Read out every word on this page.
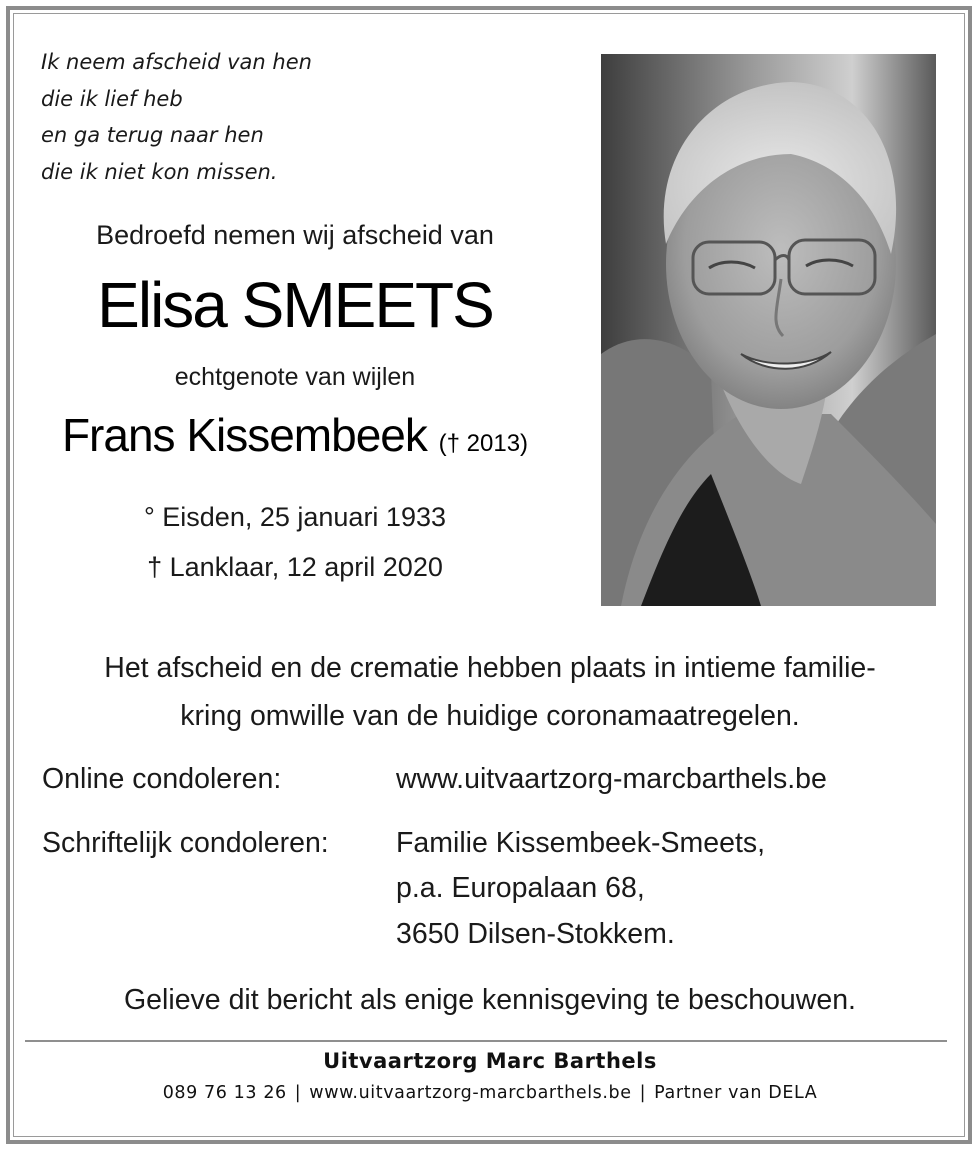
Ik neem afscheid van hen
die ik lief heb
en ga terug naar hen
die ik niet kon missen.
Bedroefd nemen wij afscheid van
Elisa SMEETS
echtgenote van wijlen
Frans Kissembeek († 2013)
° Eisden, 25 januari 1933
† Lanklaar, 12 april 2020
Het afscheid en de crematie hebben plaats in intieme familie-
kring omwille van de huidige coronamaatregelen.
Online condoleren:	www.uitvaartzorg-marcbarthels.be
Schriftelijk condoleren: Familie Kissembeek-Smeets,
p.a. Europalaan 68,
3650 Dilsen-Stokkem.
Gelieve dit bericht als enige kennisgeving te beschouwen.
Uitvaartzorg Marc Barthels
089 76 13 26 | www.uitvaartzorg-marcbarthels.be | Partner van DELA
